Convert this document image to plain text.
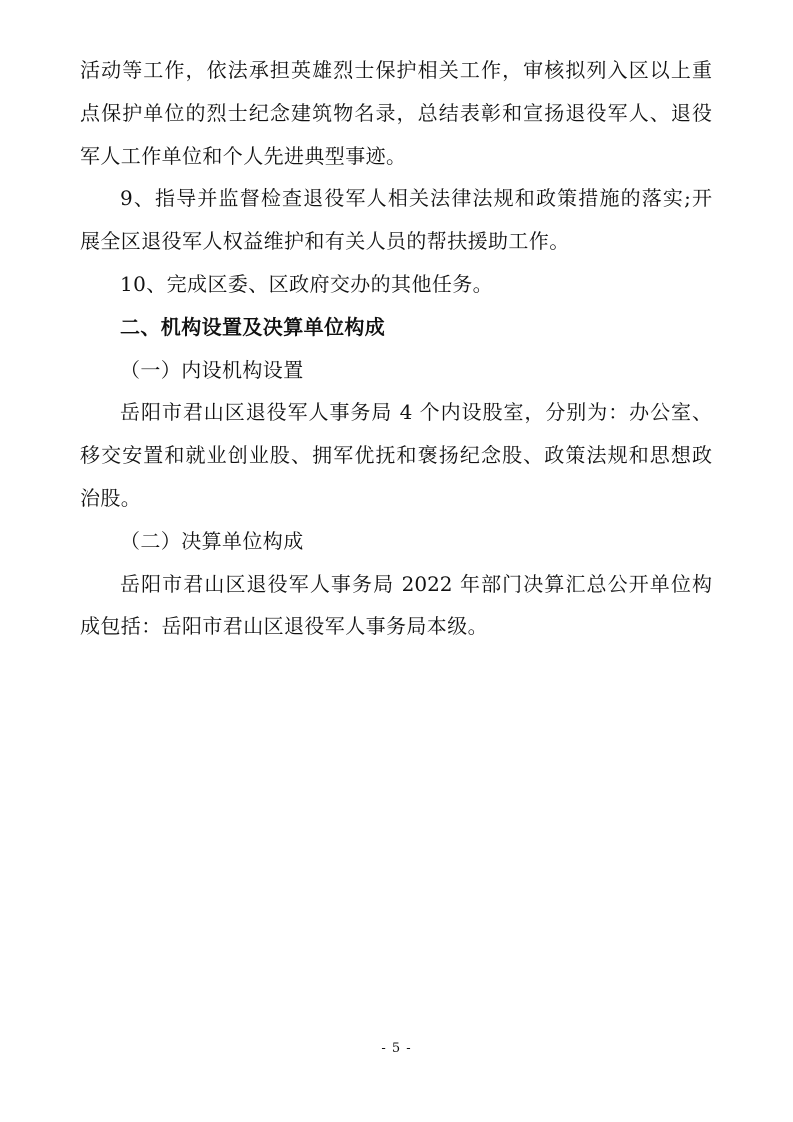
活动等工作，依法承担英雄烈士保护相关工作，审核拟列入区以上重
点保护单位的烈士纪念建筑物名录，总结表彰和宣扬退役军人、退役
军人工作单位和个人先进典型事迹。
9、指导并监督检查退役军人相关法律法规和政策措施的落实;开
展全区退役军人权益维护和有关人员的帮扶援助工作。
10、完成区委、区政府交办的其他任务。
二、机构设置及决算单位构成
（一）内设机构设置
岳阳市君山区退役军人事务局 4 个内设股室，分别为：办公室、
移交安置和就业创业股、拥军优抚和褒扬纪念股、政策法规和思想政
治股。
（二）决算单位构成
岳阳市君山区退役军人事务局 2022 年部门决算汇总公开单位构
成包括：岳阳市君山区退役军人事务局本级。
- 5 -
